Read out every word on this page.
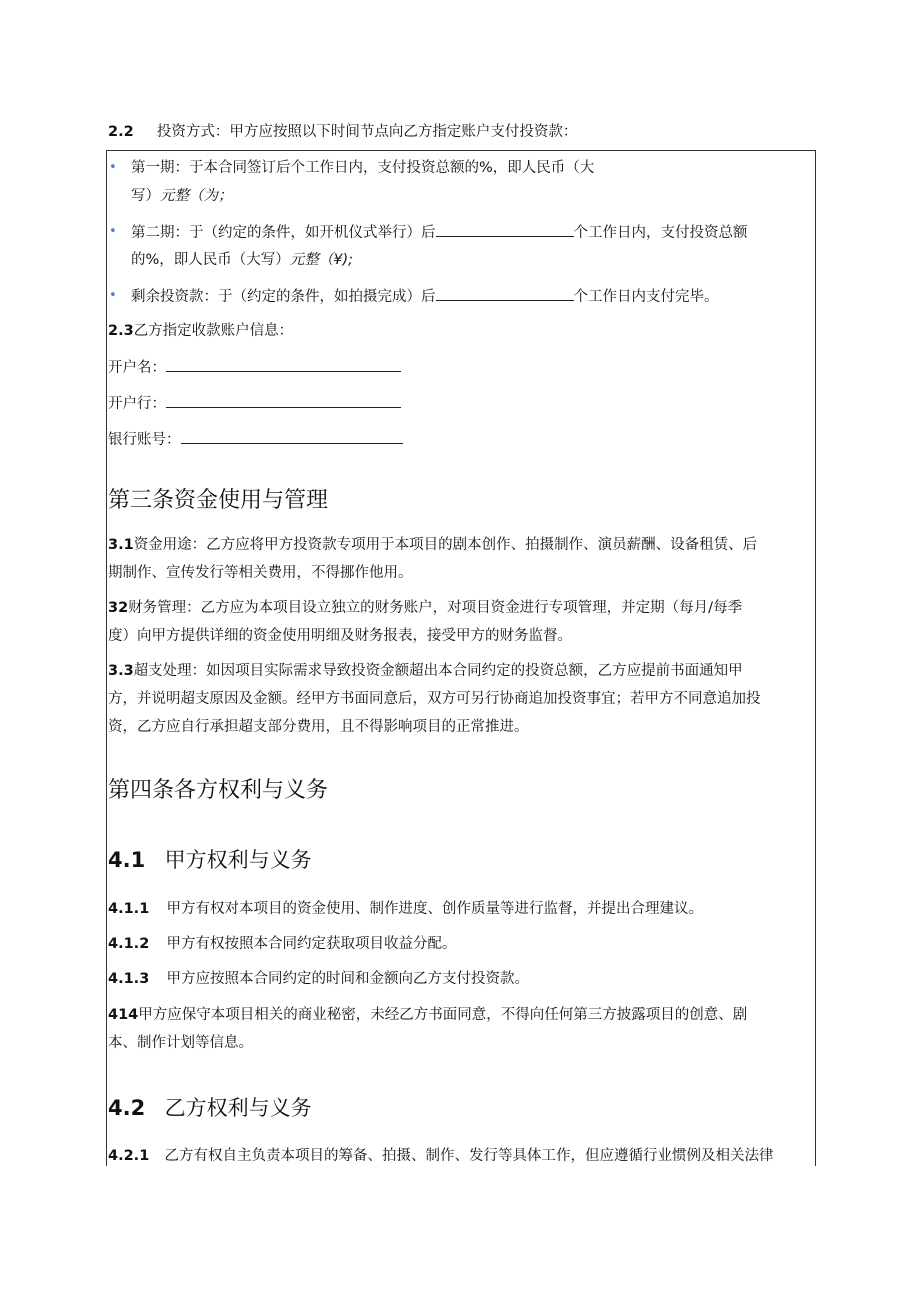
2.2 投资方式：甲方应按照以下时间节点向乙方指定账户支付投资款：
• 第一期：于本合同签订后个工作日内，支付投资总额的%，即人民币（大
写）元整（为；
• 第二期：于（约定的条件，如开机仪式举行）后	个工作日内，支付投资总额
的%，即人民币（大写）元整（¥);
• 剩余投资款：于（约定的条件，如拍摄完成）后	个工作日内支付完毕。
2.3乙方指定收款账户信息：
开户名：
开户行：
银行账号：
第三条资金使用与管理
3.1资金用途：乙方应将甲方投资款专项用于本项目的剧本创作、拍摄制作、演员薪酬、设备租赁、后
期制作、宣传发行等相关费用，不得挪作他用。
32财务管理：乙方应为本项目设立独立的财务账户，对项目资金进行专项管理，并定期（每月/每季
度）向甲方提供详细的资金使用明细及财务报表，接受甲方的财务监督。
3.3超支处理：如因项目实际需求导致投资金额超出本合同约定的投资总额，乙方应提前书面通知甲
方，并说明超支原因及金额。经甲方书面同意后，双方可另行协商追加投资事宜；若甲方不同意追加投
资，乙方应自行承担超支部分费用，且不得影响项目的正常推进。
第四条各方权利与义务
4.1 甲方权利与义务
4.1.1 甲方有权对本项目的资金使用、制作进度、创作质量等进行监督，并提出合理建议。
4.1.2 甲方有权按照本合同约定获取项目收益分配。
4.1.3 甲方应按照本合同约定的时间和金额向乙方支付投资款。
414甲方应保守本项目相关的商业秘密，未经乙方书面同意，不得向任何第三方披露项目的创意、剧
本、制作计划等信息。
4.2 乙方权利与义务
4.2.1 乙方有权自主负责本项目的筹备、拍摄、制作、发行等具体工作，但应遵循行业惯例及相关法律
